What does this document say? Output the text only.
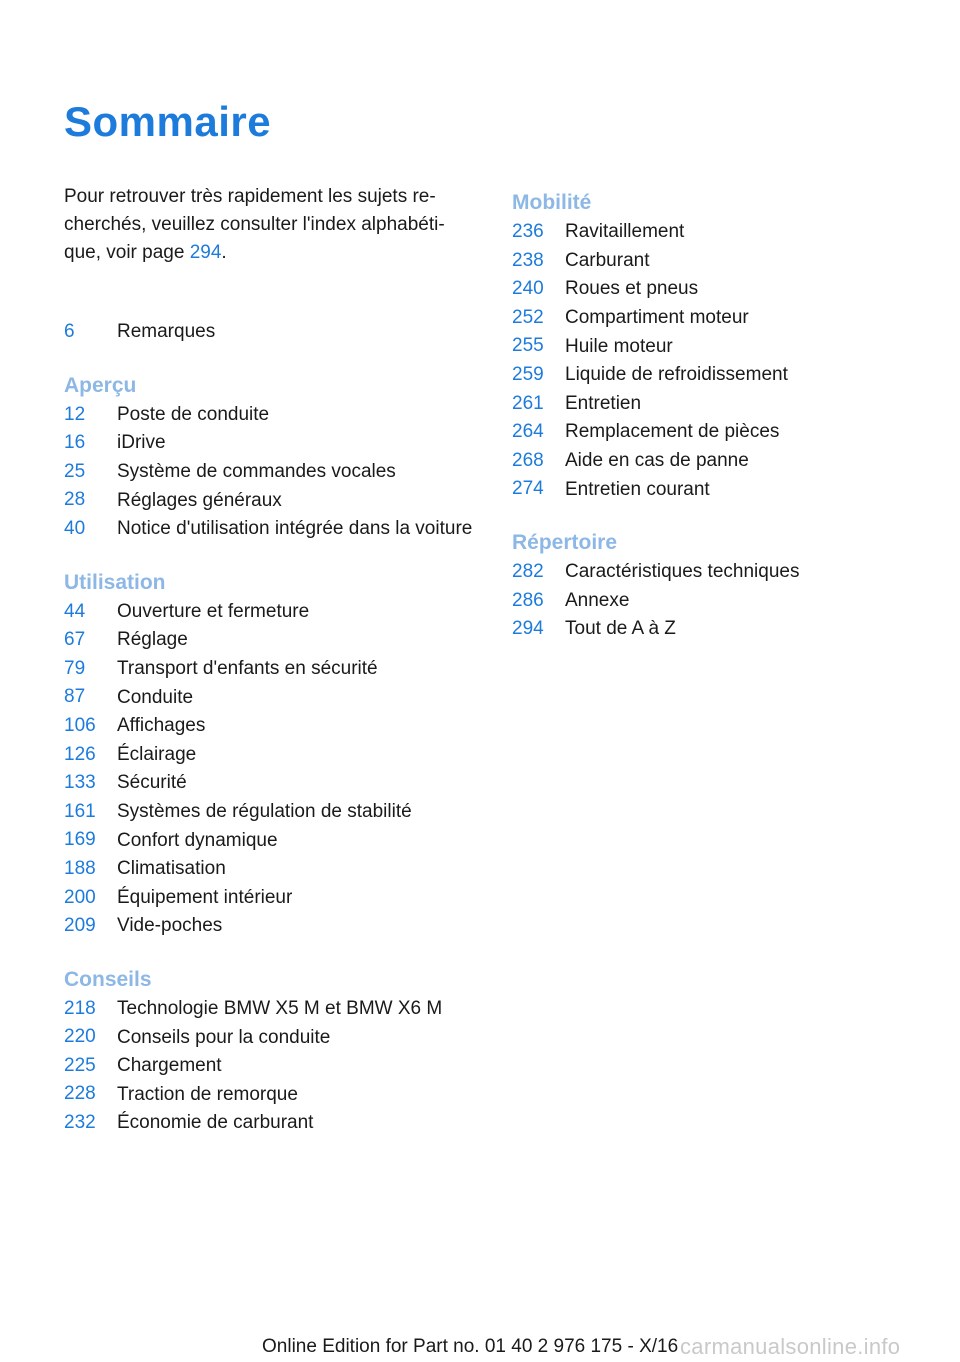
Sommaire

Pour retrouver très rapidement les sujets recherchés, veuillez consulter l'index alphabétique, voir page 294.

6	Remarques
Aperçu
12	Poste de conduite
16	iDrive
25	Système de commandes vocales
28	Réglages généraux
40	Notice d'utilisation intégrée dans la voiture
Utilisation
44	Ouverture et fermeture
67	Réglage
79	Transport d'enfants en sécurité
87	Conduite
106	Affichages
126	Éclairage
133	Sécurité
161	Systèmes de régulation de stabilité
169	Confort dynamique
188	Climatisation
200	Équipement intérieur
209	Vide-poches
Conseils
218	Technologie BMW X5 M et BMW X6 M
220	Conseils pour la conduite
225	Chargement
228	Traction de remorque
232	Économie de carburant
Mobilité
236	Ravitaillement
238	Carburant
240	Roues et pneus
252	Compartiment moteur
255	Huile moteur
259	Liquide de refroidissement
261	Entretien
264	Remplacement de pièces
268	Aide en cas de panne
274	Entretien courant
Répertoire
282	Caractéristiques techniques
286	Annexe
294	Tout de A à Z
Online Edition for Part no. 01 40 2 976 175 - X/16 carmanualsonline.info
